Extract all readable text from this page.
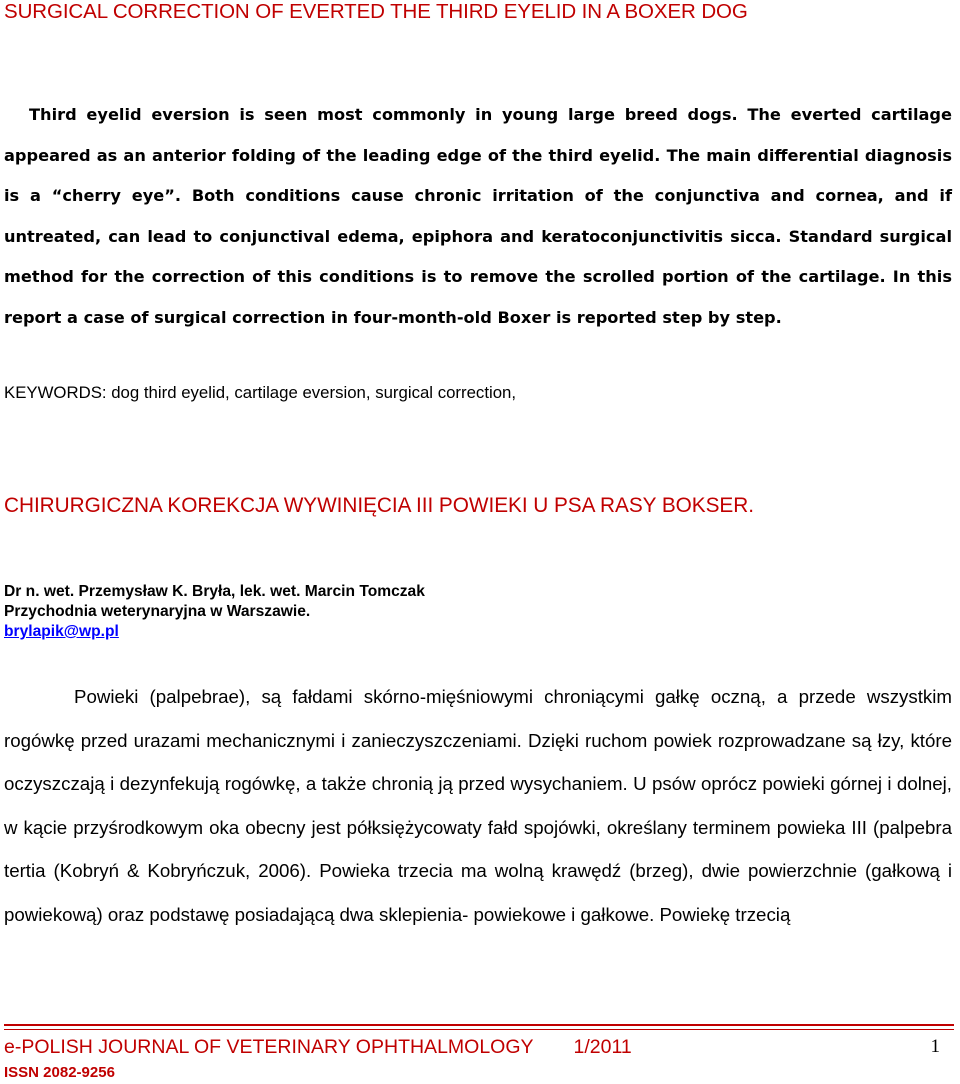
SURGICAL CORRECTION OF EVERTED THE THIRD EYELID IN A BOXER DOG

Third eyelid eversion is seen most commonly in young large breed dogs. The everted cartilage appeared as an anterior folding of the leading edge of the third eyelid. The main differential diagnosis is a “cherry eye”. Both conditions cause chronic irritation of the conjunctiva and cornea, and if untreated, can lead to conjunctival edema, epiphora and keratoconjunctivitis sicca. Standard surgical method for the correction of this conditions is to remove the scrolled portion of the cartilage. In this report a case of surgical correction in four-month-old Boxer is reported step by step.

KEYWORDS: dog third eyelid, cartilage eversion, surgical correction,

CHIRURGICZNA KOREKCJA WYWINIĘCIA III POWIEKI U PSA RASY BOKSER.
Dr n. wet. Przemysław K. Bryła, lek. wet. Marcin Tomczak
Przychodnia weterynaryjna w Warszawie.
brylapik@wp.pl

Powieki (palpebrae), są fałdami skórno-mięśniowymi chroniącymi gałkę oczną, a przede wszystkim rogówkę przed urazami mechanicznymi i zanieczyszczeniami. Dzięki ruchom powiek rozprowadzane są łzy, które oczyszczają i dezynfekują rogówkę, a także chronią ją przed wysychaniem. U psów oprócz powieki górnej i dolnej, w kącie przyśrodkowym oka obecny jest półksiężycowaty fałd spojówki, określany terminem powieka III (palpebra tertia (Kobryń & Kobryńczuk, 2006). Powieka trzecia ma wolną krawędź (brzeg), dwie powierzchnie (gałkową i powiekową) oraz podstawę posiadającą dwa sklepienia- powiekowe i gałkowe. Powiekę trzecią

e-POLISH JOURNAL OF VETERINARY OPHTHALMOLOGY 1/2011	1
ISSN 2082-9256
